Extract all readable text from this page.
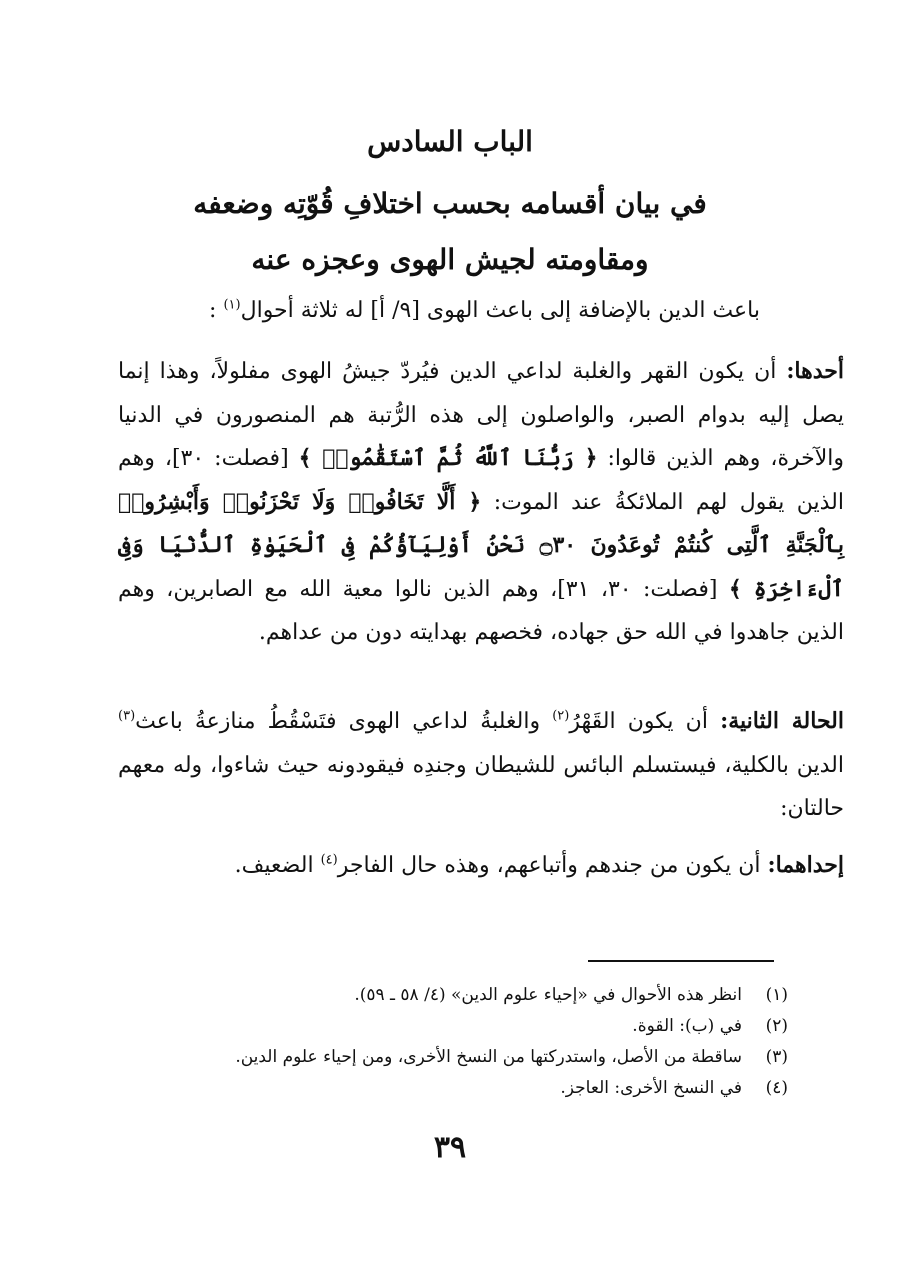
الباب السادس
في بيان أقسامه بحسب اختلافِ قُوّتِه وضعفه
ومقاومته لجيش الهوى وعجزه عنه
باعث الدين بالإضافة إلى باعث الهوى [٩/ أ] له ثلاثة أحوال$^{(١)}$ :
أحدها: أن يكون القهر والغلبة لداعي الدين فيُردّ جيشُ الهوى مفلولاً، وهذا إنما يصل إليه بدوام الصبر، والواصلون إلى هذه الرُّتبة هم المنصورون في الدنيا والآخرة، وهم الذين قالوا: ﴿ رَبُّنَا ٱللَّهُ ثُمَّ ٱسْتَقَٰمُوا۟ ﴾ [فصلت: ٣٠]، وهم الذين يقول لهم الملائكةُ عند الموت: ﴿ أَلَّا تَخَافُوا۟ وَلَا تَحْزَنُوا۟ وَأَبْشِرُوا۟ بِٱلْجَنَّةِ ٱلَّتِى كُنتُمْ تُوعَدُونَ ۝٣٠ نَحْنُ أَوْلِيَآؤُكُمْ فِى ٱلْحَيَوٰةِ ٱلدُّنْيَا وَفِى ٱلْءَاخِرَةِ ﴾ [فصلت: ٣٠، ٣١]، وهم الذين نالوا معية الله مع الصابرين، وهم الذين جاهدوا في الله حق جهاده، فخصهم بهدايته دون من عداهم.
الحالة الثانية: أن يكون القَهْرُ$^{(٢)}$ والغلبةُ لداعي الهوى فتَسْقُطُ منازعةُ باعث$^{(٣)}$ الدين بالكلية، فيستسلم البائس للشيطان وجندِه فيقودونه حيث شاءوا، وله معهم حالتان:
إحداهما: أن يكون من جندهم وأتباعهم، وهذه حال الفاجر$^{(٤)}$ الضعيف.
(١)
انظر هذه الأحوال في «إحياء علوم الدين» (٤/ ٥٨ ـ ٥٩).
(٢)
في (ب): القوة.
(٣)
ساقطة من الأصل، واستدركتها من النسخ الأخرى، ومن إحياء علوم الدين.
(٤)
في النسخ الأخرى: العاجز.
٣٩
